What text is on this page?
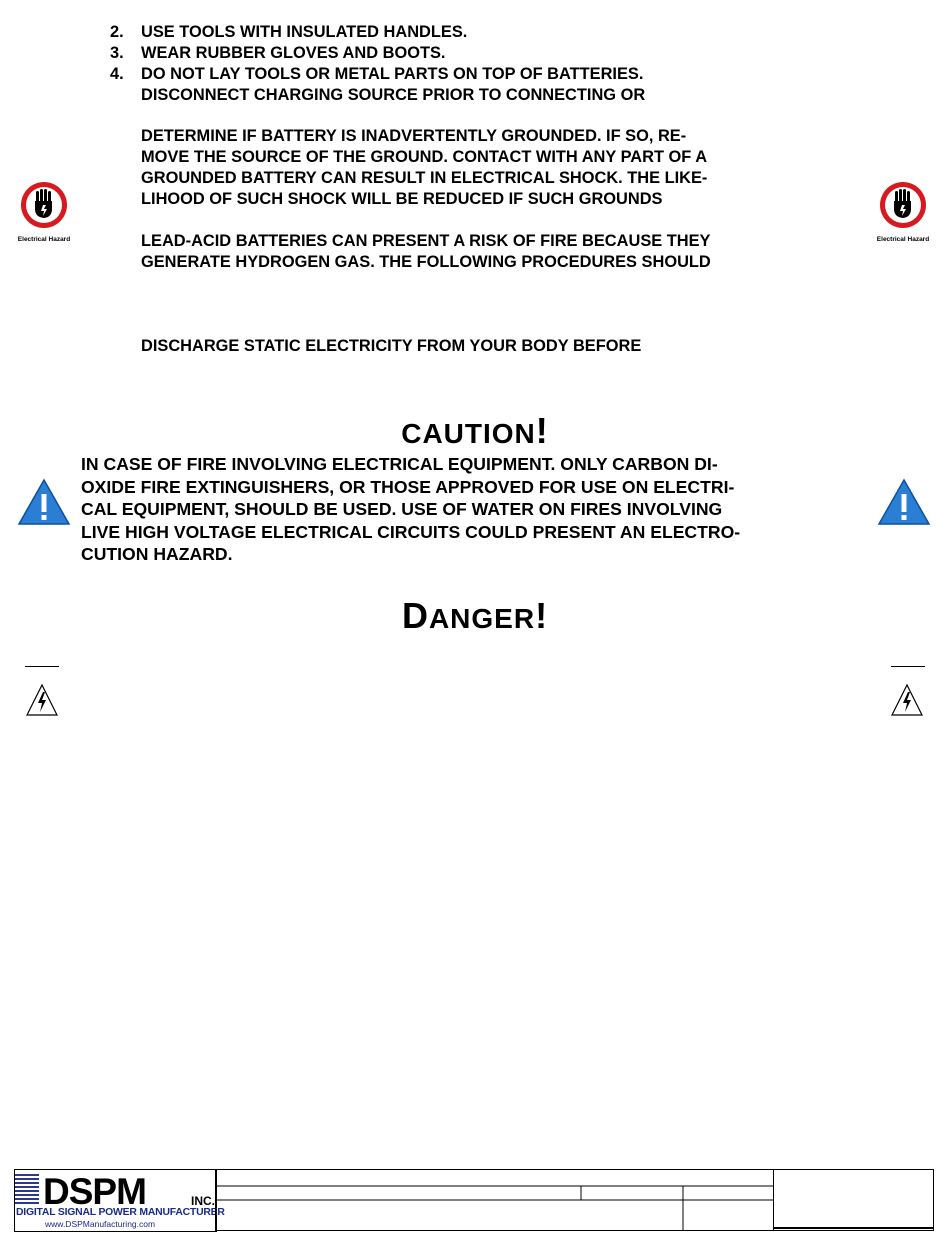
2. USE TOOLS WITH INSULATED HANDLES.
3. WEAR RUBBER GLOVES AND BOOTS.
4. DO NOT LAY TOOLS OR METAL PARTS ON TOP OF BATTERIES.
DISCONNECT CHARGING SOURCE PRIOR TO CONNECTING OR
DETERMINE IF BATTERY IS INADVERTENTLY GROUNDED. IF SO, RE-
MOVE THE SOURCE OF THE GROUND. CONTACT WITH ANY PART OF A
GROUNDED BATTERY CAN RESULT IN ELECTRICAL SHOCK. THE LIKE-
LIHOOD OF SUCH SHOCK WILL BE REDUCED IF SUCH GROUNDS
LEAD-ACID BATTERIES CAN PRESENT A RISK OF FIRE BECAUSE THEY
GENERATE HYDROGEN GAS. THE FOLLOWING PROCEDURES SHOULD
DISCHARGE STATIC ELECTRICITY FROM YOUR BODY BEFORE
Electrical Hazard	Electrical Hazard
CAUTION!
IN CASE OF FIRE INVOLVING ELECTRICAL EQUIPMENT. ONLY CARBON DI-
OXIDE FIRE EXTINGUISHERS, OR THOSE APPROVED FOR USE ON ELECTRI-
CAL EQUIPMENT, SHOULD BE USED. USE OF WATER ON FIRES INVOLVING
LIVE HIGH VOLTAGE ELECTRICAL CIRCUITS COULD PRESENT AN ELECTRO-
CUTION HAZARD.
DANGER!
DSPM	INC.
DIGITAL SIGNAL POWER MANUFACTURER
www.DSPManufacturing.com
